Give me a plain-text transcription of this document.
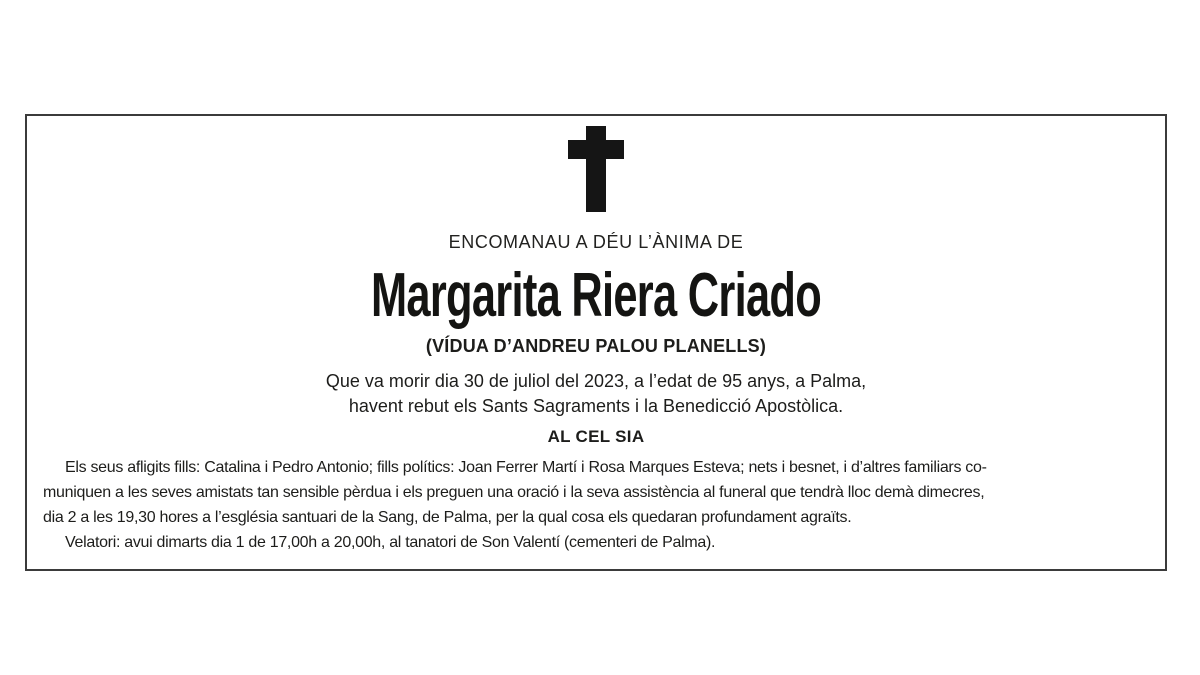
ENCOMANAU A DÉU L’ÀNIMA DE
Margarita Riera Criado
(VÍDUA D’ANDREU PALOU PLANELLS)
Que va morir dia 30 de juliol del 2023, a l’edat de 95 anys, a Palma,
havent rebut els Sants Sagraments i la Benedicció Apostòlica.
AL CEL SIA
Els seus afligits fills: Catalina i Pedro Antonio; fills polítics: Joan Ferrer Martí i Rosa Marques Esteva; nets i besnet, i d’altres familiars co-
muniquen a les seves amistats tan sensible pèrdua i els preguen una oració i la seva assistència al funeral que tendrà lloc demà dimecres,
dia 2 a les 19,30 hores a l’església santuari de la Sang, de Palma, per la qual cosa els quedaran profundament agraïts.
Velatori: avui dimarts dia 1 de 17,00h a 20,00h, al tanatori de Son Valentí (cementeri de Palma).
